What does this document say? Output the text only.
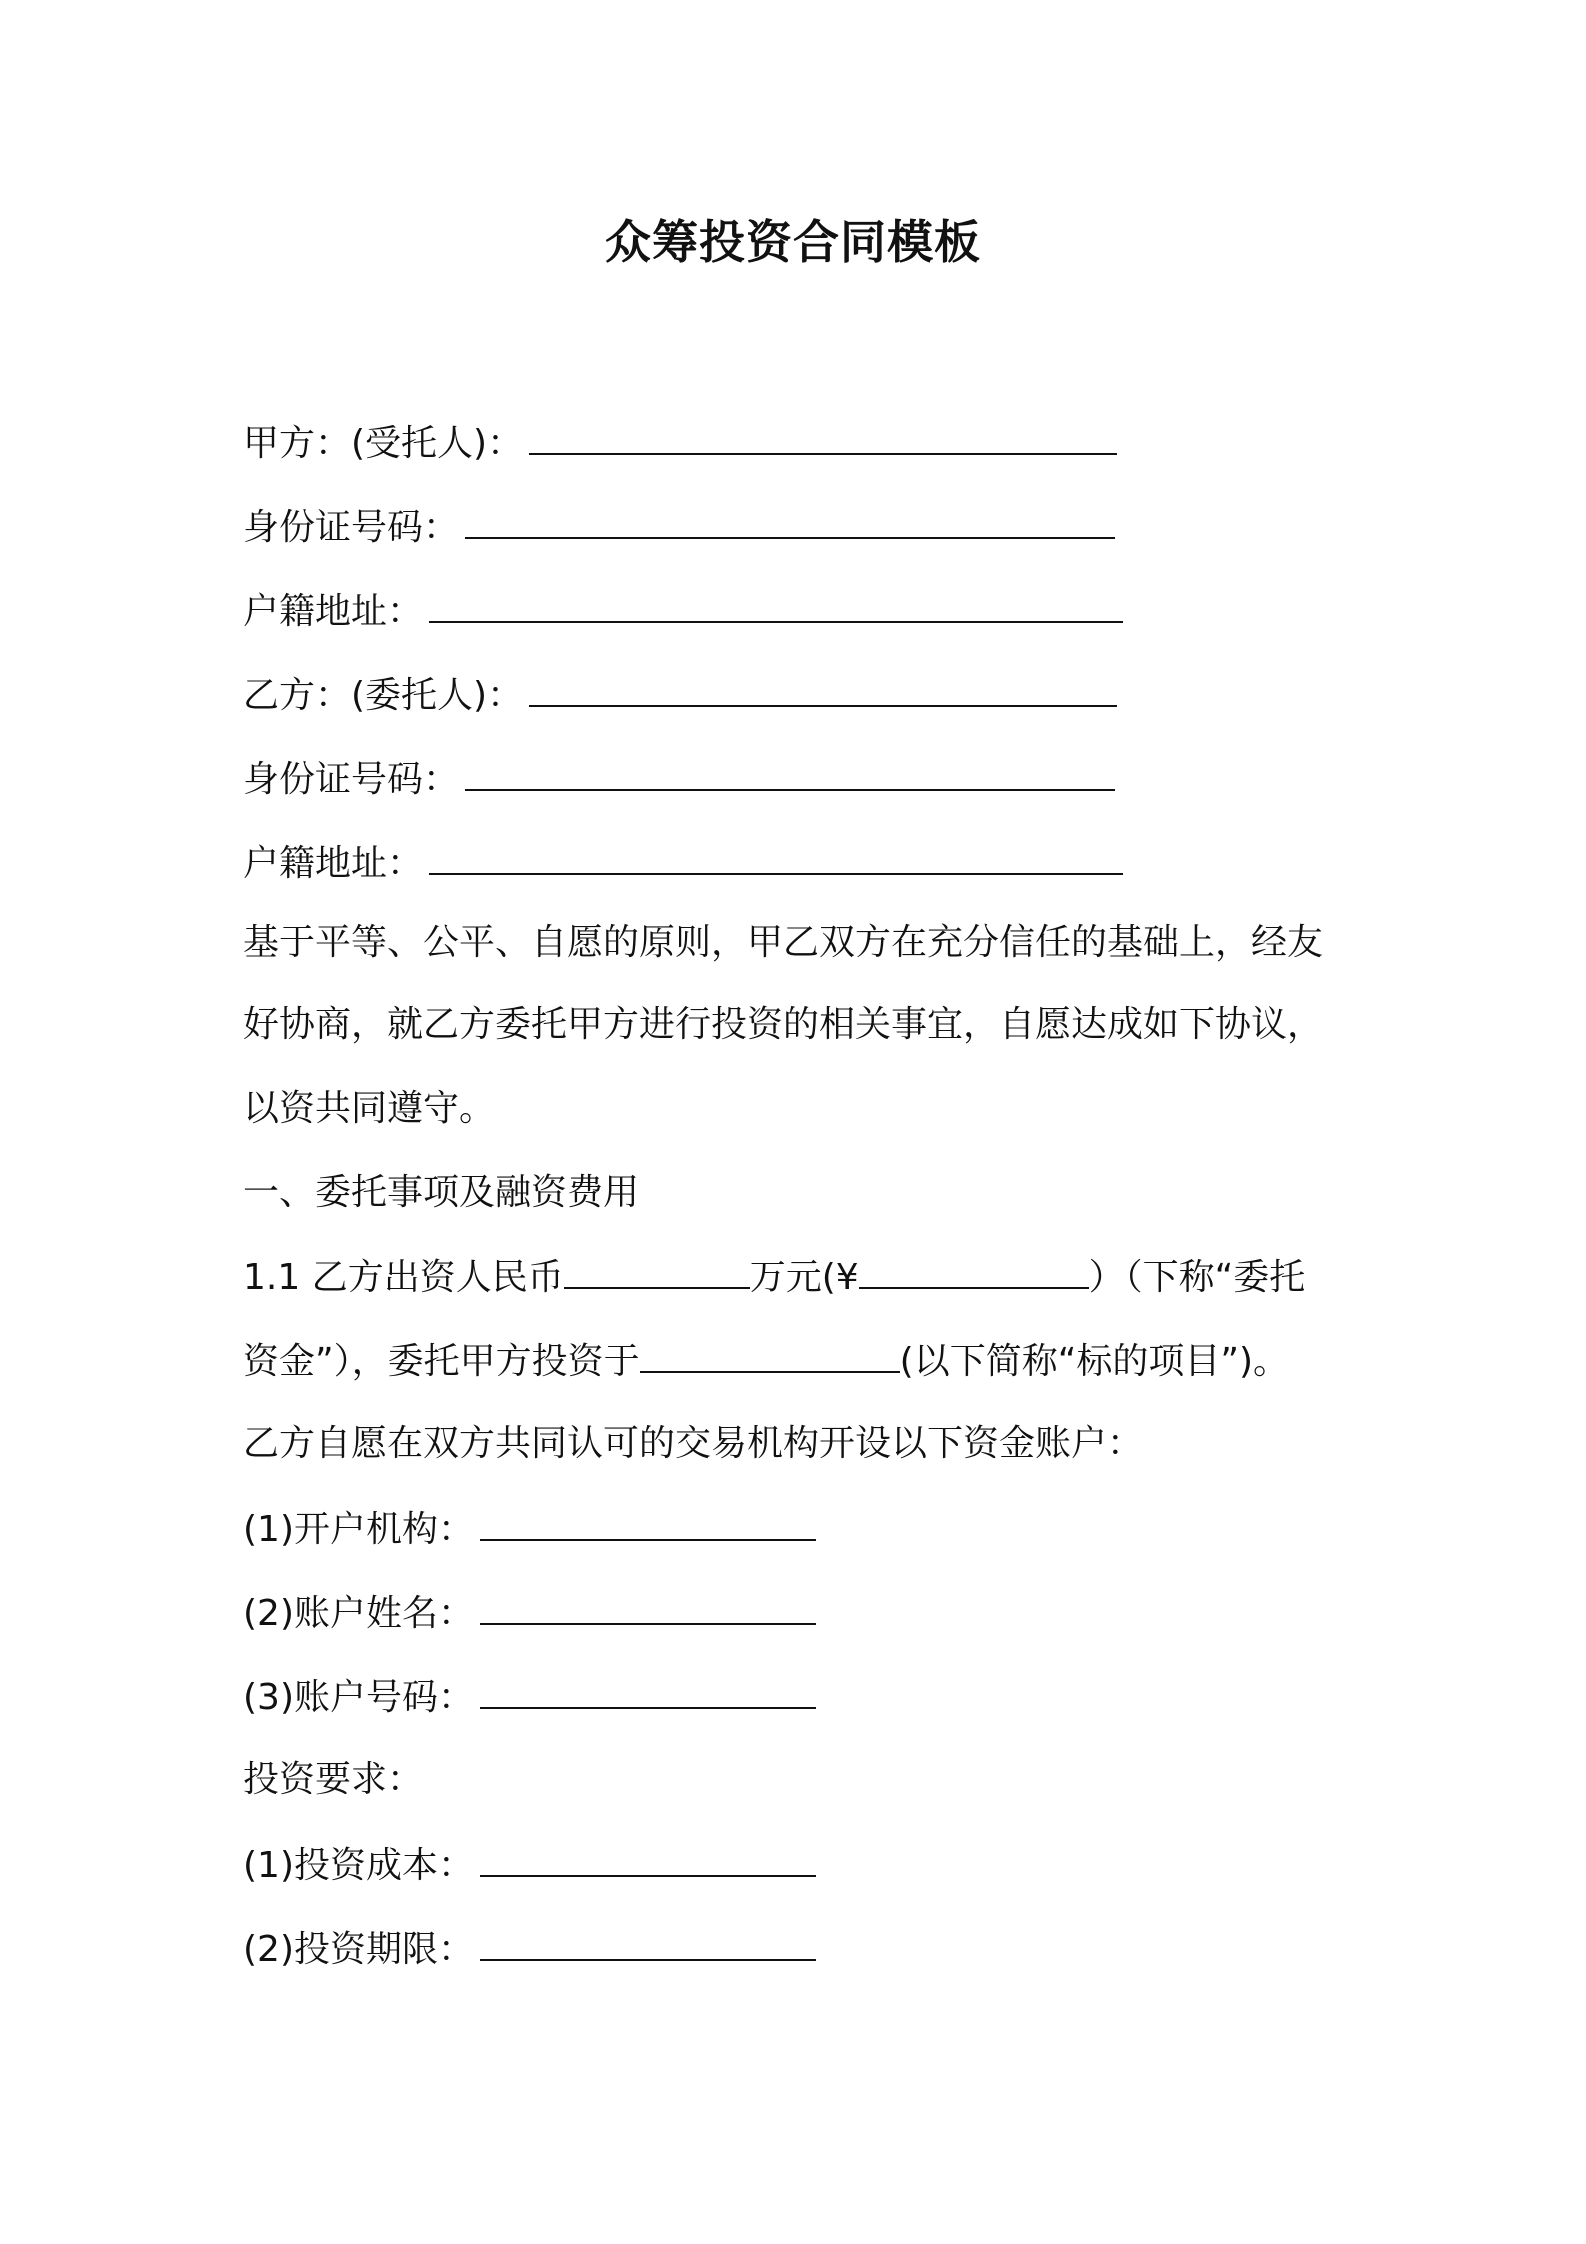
众筹投资合同模板
甲方：(受托人)：
身份证号码：
户籍地址：
乙方：(委托人)：
身份证号码：
户籍地址：
基于平等、公平、自愿的原则，甲乙双方在充分信任的基础上，经友
好协商，就乙方委托甲方进行投资的相关事宜，自愿达成如下协议，
以资共同遵守。
一、委托事项及融资费用
1.1 乙方出资人民币	万元(¥	）（下称“委托
资金”），委托甲方投资于	(以下简称“标的项目”)。
乙方自愿在双方共同认可的交易机构开设以下资金账户：
(1)开户机构：
(2)账户姓名：
(3)账户号码：
投资要求：
(1)投资成本：
(2)投资期限：
